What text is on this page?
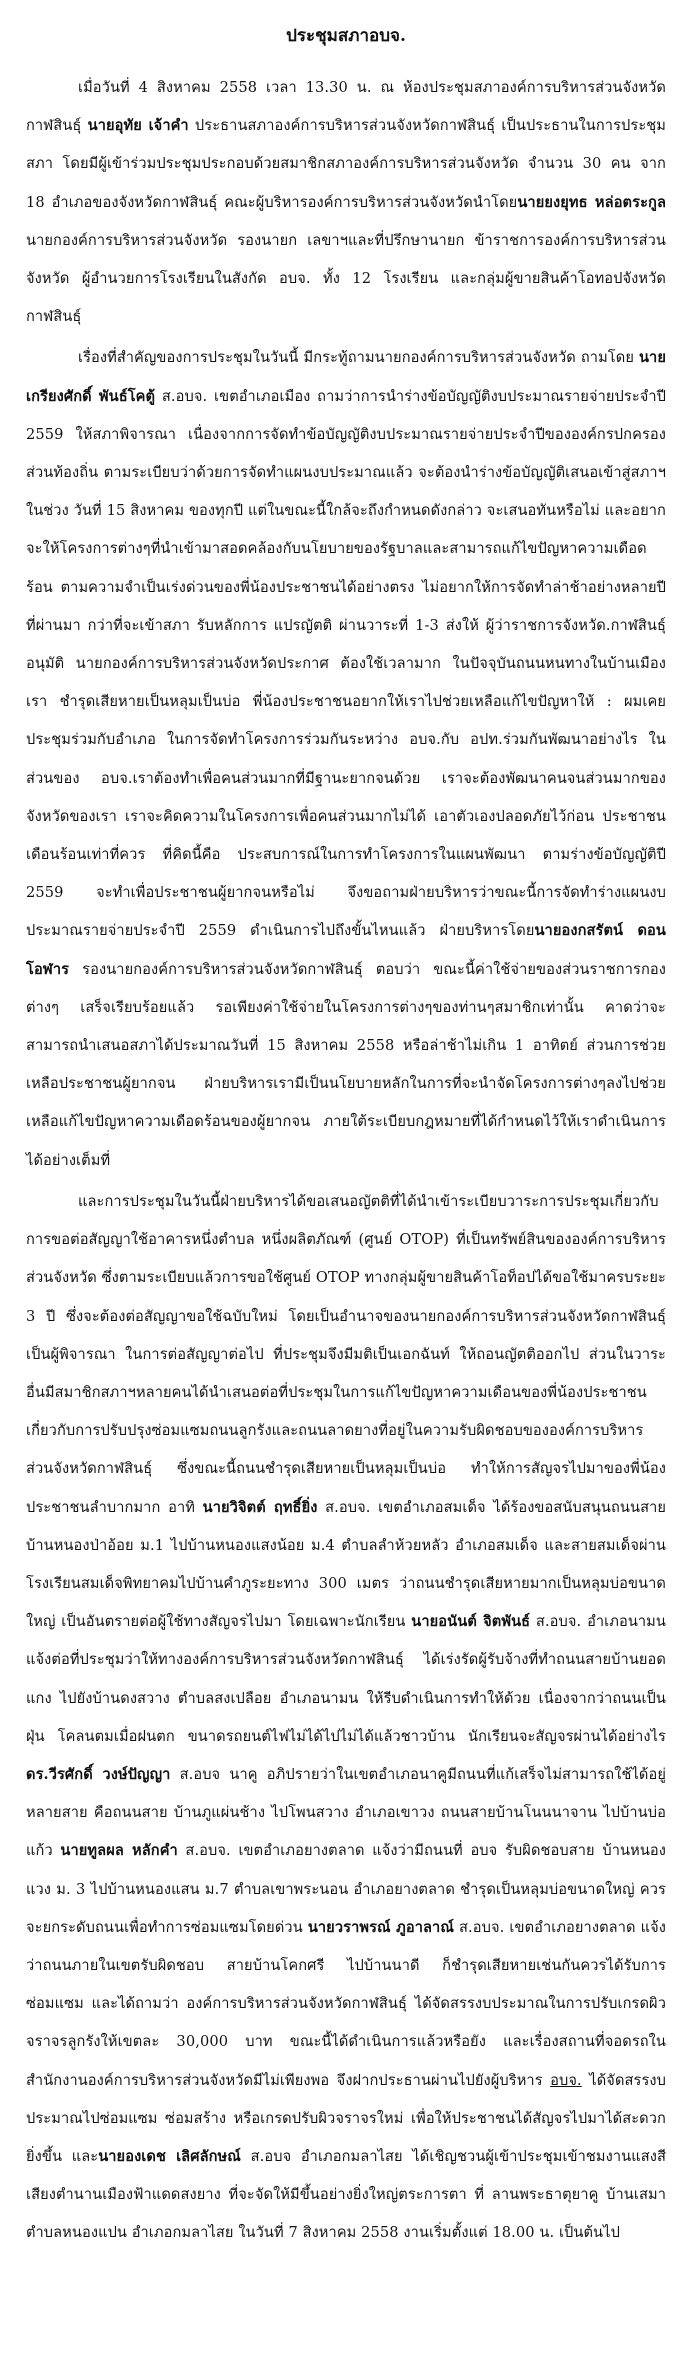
ประชุมสภาอบจ.

เมื่อวันที่ 4 สิงหาคม 2558 เวลา 13.30 น. ณ ห้องประชุมสภาองค์การบริหารส่วนจังหวัดกาฬสินธุ์ นายอุทัย เจ้าคำ ประธานสภาองค์การบริหารส่วนจังหวัดกาฬสินธุ์ เป็นประธานในการประชุมสภา โดยมีผู้เข้าร่วมประชุมประกอบด้วยสมาชิกสภาองค์การบริหารส่วนจังหวัด จำนวน 30 คน จาก 18 อำเภอของจังหวัดกาฬสินธุ์ คณะผู้บริหารองค์การบริหารส่วนจังหวัดนำโดยนายยงยุทธ หล่อตระกูล นายกองค์การบริหารส่วนจังหวัด รองนายก เลขาฯและที่ปรึกษานายก ข้าราชการองค์การบริหารส่วนจังหวัด ผู้อำนวยการโรงเรียนในสังกัด อบจ. ทั้ง 12 โรงเรียน และกลุ่มผู้ขายสินค้าโอทอปจังหวัดกาฬสินธุ์

เรื่องที่สำคัญของการประชุมในวันนี้ มีกระทู้ถามนายกองค์การบริหารส่วนจังหวัด ถามโดย นายเกรียงศักดิ์ พันธ์โคตู้ ส.อบจ. เขตอำเภอเมือง ถามว่าการนำร่างข้อบัญญัติงบประมาณรายจ่ายประจำปี 2559 ให้สภาพิจารณา เนื่องจากการจัดทำข้อบัญญัติงบประมาณรายจ่ายประจำปีขององค์กรปกครองส่วนท้องถิ่น ตามระเบียบว่าด้วยการจัดทำแผนงบประมาณแล้ว จะต้องนำร่างข้อบัญญัติเสนอเข้าสู่สภาฯ ในช่วง วันที่ 15 สิงหาคม ของทุกปี แต่ในขณะนี้ใกล้จะถึงกำหนดดังกล่าว จะเสนอทันหรือไม่ และอยากจะให้โครงการต่างๆที่นำเข้ามาสอดคล้องกับนโยบายของรัฐบาลและสามารถแก้ไขปัญหาความเดือดร้อน ตามความจำเป็นเร่งด่วนของพี่น้องประชาชนได้อย่างตรง ไม่อยากให้การจัดทำล่าช้าอย่างหลายปีที่ผ่านมา กว่าที่จะเข้าสภา รับหลักการ แปรญัตติ ผ่านวาระที่ 1-3 ส่งให้ ผู้ว่าราชการจังหวัด.กาฬสินธุ์อนุมัติ นายกองค์การบริหารส่วนจังหวัดประกาศ ต้องใช้เวลามาก ในปัจจุบันถนนหนทางในบ้านเมืองเรา ชำรุดเสียหายเป็นหลุมเป็นบ่อ พี่น้องประชาชนอยากให้เราไปช่วยเหลือแก้ไขปัญหาให้ : ผมเคยประชุมร่วมกับอำเภอ ในการจัดทำโครงการร่วมกันระหว่าง อบจ.กับ อปท.ร่วมกันพัฒนาอย่างไร ในส่วนของ อบจ.เราต้องทำเพื่อคนส่วนมากที่มีฐานะยากจนด้วย เราจะต้องพัฒนาคนจนส่วนมากของจังหวัดของเรา เราจะคิดความในโครงการเพื่อคนส่วนมากไม่ได้ เอาตัวเองปลอดภัยไว้ก่อน ประชาชนเดือนร้อนเท่าที่ควร ที่คิดนี้คือ ประสบการณ์ในการทำโครงการในแผนพัฒนา ตามร่างข้อบัญญัติปี 2559 จะทำเพื่อประชาชนผู้ยากจนหรือไม่ จึงขอถามฝ่ายบริหารว่าขณะนี้การจัดทำร่างแผนงบประมาณรายจ่ายประจำปี 2559 ดำเนินการไปถึงขั้นไหนแล้ว ฝ่ายบริหารโดยนายองกสรัตน์ ดอนโอฬาร รองนายกองค์การบริหารส่วนจังหวัดกาฬสินธุ์ ตอบว่า ขณะนี้ค่าใช้จ่ายของส่วนราชการกองต่างๆ เสร็จเรียบร้อยแล้ว รอเพียงค่าใช้จ่ายในโครงการต่างๆของท่านๆสมาชิกเท่านั้น คาดว่าจะสามารถนำเสนอสภาได้ประมาณวันที่ 15 สิงหาคม 2558 หรือล่าช้าไม่เกิน 1 อาทิตย์ ส่วนการช่วยเหลือประชาชนผู้ยากจน ฝ่ายบริหารเรามีเป็นนโยบายหลักในการที่จะนำจัดโครงการต่างๆลงไปช่วยเหลือแก้ไขปัญหาความเดือดร้อนของผู้ยากจน ภายใต้ระเบียบกฎหมายที่ได้กำหนดไว้ให้เราดำเนินการได้อย่างเต็มที่

และการประชุมในวันนี้ฝ่ายบริหารได้ขอเสนอญัตติที่ได้นำเข้าระเบียบวาระการประชุมเกี่ยวกับการขอต่อสัญญาใช้อาคารหนึ่งตำบล หนึ่งผลิตภัณฑ์ (ศูนย์ OTOP) ที่เป็นทรัพย์สินขององค์การบริหารส่วนจังหวัด ซึ่งตามระเบียบแล้วการขอใช้ศูนย์ OTOP ทางกลุ่มผู้ขายสินค้าโอท็อปได้ขอใช้มาครบระยะ 3 ปี ซึ่งจะต้องต่อสัญญาขอใช้ฉบับใหม่ โดยเป็นอำนาจของนายกองค์การบริหารส่วนจังหวัดกาฬสินธุ์ เป็นผู้พิจารณา ในการต่อสัญญาต่อไป ที่ประชุมจึงมีมติเป็นเอกฉันท์ ให้ถอนญัตติออกไป ส่วนในวาระอื่นมีสมาชิกสภาฯหลายคนได้นำเสนอต่อที่ประชุมในการแก้ไขปัญหาความเดือนของพี่น้องประชาชนเกี่ยวกับการปรับปรุงซ่อมแซมถนนลูกรังและถนนลาดยางที่อยู่ในความรับผิดชอบขององค์การบริหารส่วนจังหวัดกาฬสินธุ์ ซึ่งขณะนี้ถนนชำรุดเสียหายเป็นหลุมเป็นบ่อ ทำให้การสัญจรไปมาของพี่น้องประชาชนลำบากมาก อาทิ นายวิจิตต์ ฤทธิ์ยิ่ง ส.อบจ. เขตอำเภอสมเด็จ ได้ร้องขอสนับสนุนถนนสายบ้านหนองป่าอ้อย ม.1 ไปบ้านหนองแสงน้อย ม.4 ตำบลลำห้วยหลัว อำเภอสมเด็จ และสายสมเด็จผ่านโรงเรียนสมเด็จพิทยาคมไปบ้านคำภูระยะทาง 300 เมตร ว่าถนนชำรุดเสียหายมากเป็นหลุมบ่อขนาดใหญ่ เป็นอันตรายต่อผู้ใช้ทางสัญจรไปมา โดยเฉพาะนักเรียน นายอนันต์ จิตพันธ์ ส.อบจ. อำเภอนามน แจ้งต่อที่ประชุมว่าให้ทางองค์การบริหารส่วนจังหวัดกาฬสินธุ์ ได้เร่งรัดผู้รับจ้างที่ทำถนนสายบ้านยอดแกง ไปยังบ้านดงสวาง ตำบลสงเปลือย อำเภอนามน ให้รีบดำเนินการทำให้ด้วย เนื่องจากว่าถนนเป็นฝุ่น โคลนตมเมื่อฝนตก ขนาดรถยนต์ไฟไม่ได้ไปไม่ได้แล้วชาวบ้าน นักเรียนจะสัญจรผ่านได้อย่างไร ดร.วีรศักดิ์ วงษ์ปัญญา ส.อบจ นาคู อภิปรายว่าในเขตอำเภอนาคูมีถนนที่แก้เสร็จไม่สามารถใช้ได้อยู่หลายสาย คือถนนสาย บ้านภูแผ่นช้าง ไปโพนสวาง อำเภอเขาวง ถนนสายบ้านโนนนาจาน ไปบ้านบ่อแก้ว นายทูลผล หลักคำ ส.อบจ. เขตอำเภอยางตลาด แจ้งว่ามีถนนที่ อบจ รับผิดชอบสาย บ้านหนองแวง ม. 3 ไปบ้านหนองแสน ม.7 ตำบลเขาพระนอน อำเภอยางตลาด ชำรุดเป็นหลุมบ่อขนาดใหญ่ ควรจะยกระดับถนนเพื่อทำการซ่อมแซมโดยด่วน นายวราพรณ์ ภูอาลาณ์ ส.อบจ. เขตอำเภอยางตลาด แจ้งว่าถนนภายในเขตรับผิดชอบ สายบ้านโคกศรี ไปบ้านนาดี ก็ชำรุดเสียหายเช่นกันควรได้รับการซ่อมแซม และได้ถามว่า องค์การบริหารส่วนจังหวัดกาฬสินธุ์ ได้จัดสรรงบประมาณในการปรับเกรดผิวจราจรลูกรังให้เขตละ 30,000 บาท ขณะนี้ได้ดำเนินการแล้วหรือยัง และเรื่องสถานที่จอดรถใน สำนักงานองค์การบริหารส่วนจังหวัดมีไม่เพียงพอ จึงฝากประธานผ่านไปยังผู้บริหาร อบจ. ได้จัดสรรงบประมาณไปซ่อมแซม ซ่อมสร้าง หรือเกรดปรับผิวจราจรใหม่ เพื่อให้ประชาชนได้สัญจรไปมาได้สะดวกยิ่งขึ้น และนายองเดช เลิศลักษณ์ ส.อบจ อำเภอกมลาไสย ได้เชิญชวนผู้เข้าประชุมเข้าชมงานแสงสีเสียงตำนานเมืองฟ้าแดดสงยาง ที่จะจัดให้มีขึ้นอย่างยิ่งใหญ่ตระการตา ที่ ลานพระธาตุยาคู บ้านเสมา ตำบลหนองแปน อำเภอกมลาไสย ในวันที่ 7 สิงหาคม 2558 งานเริ่มตั้งแต่ 18.00 น. เป็นต้นไป
